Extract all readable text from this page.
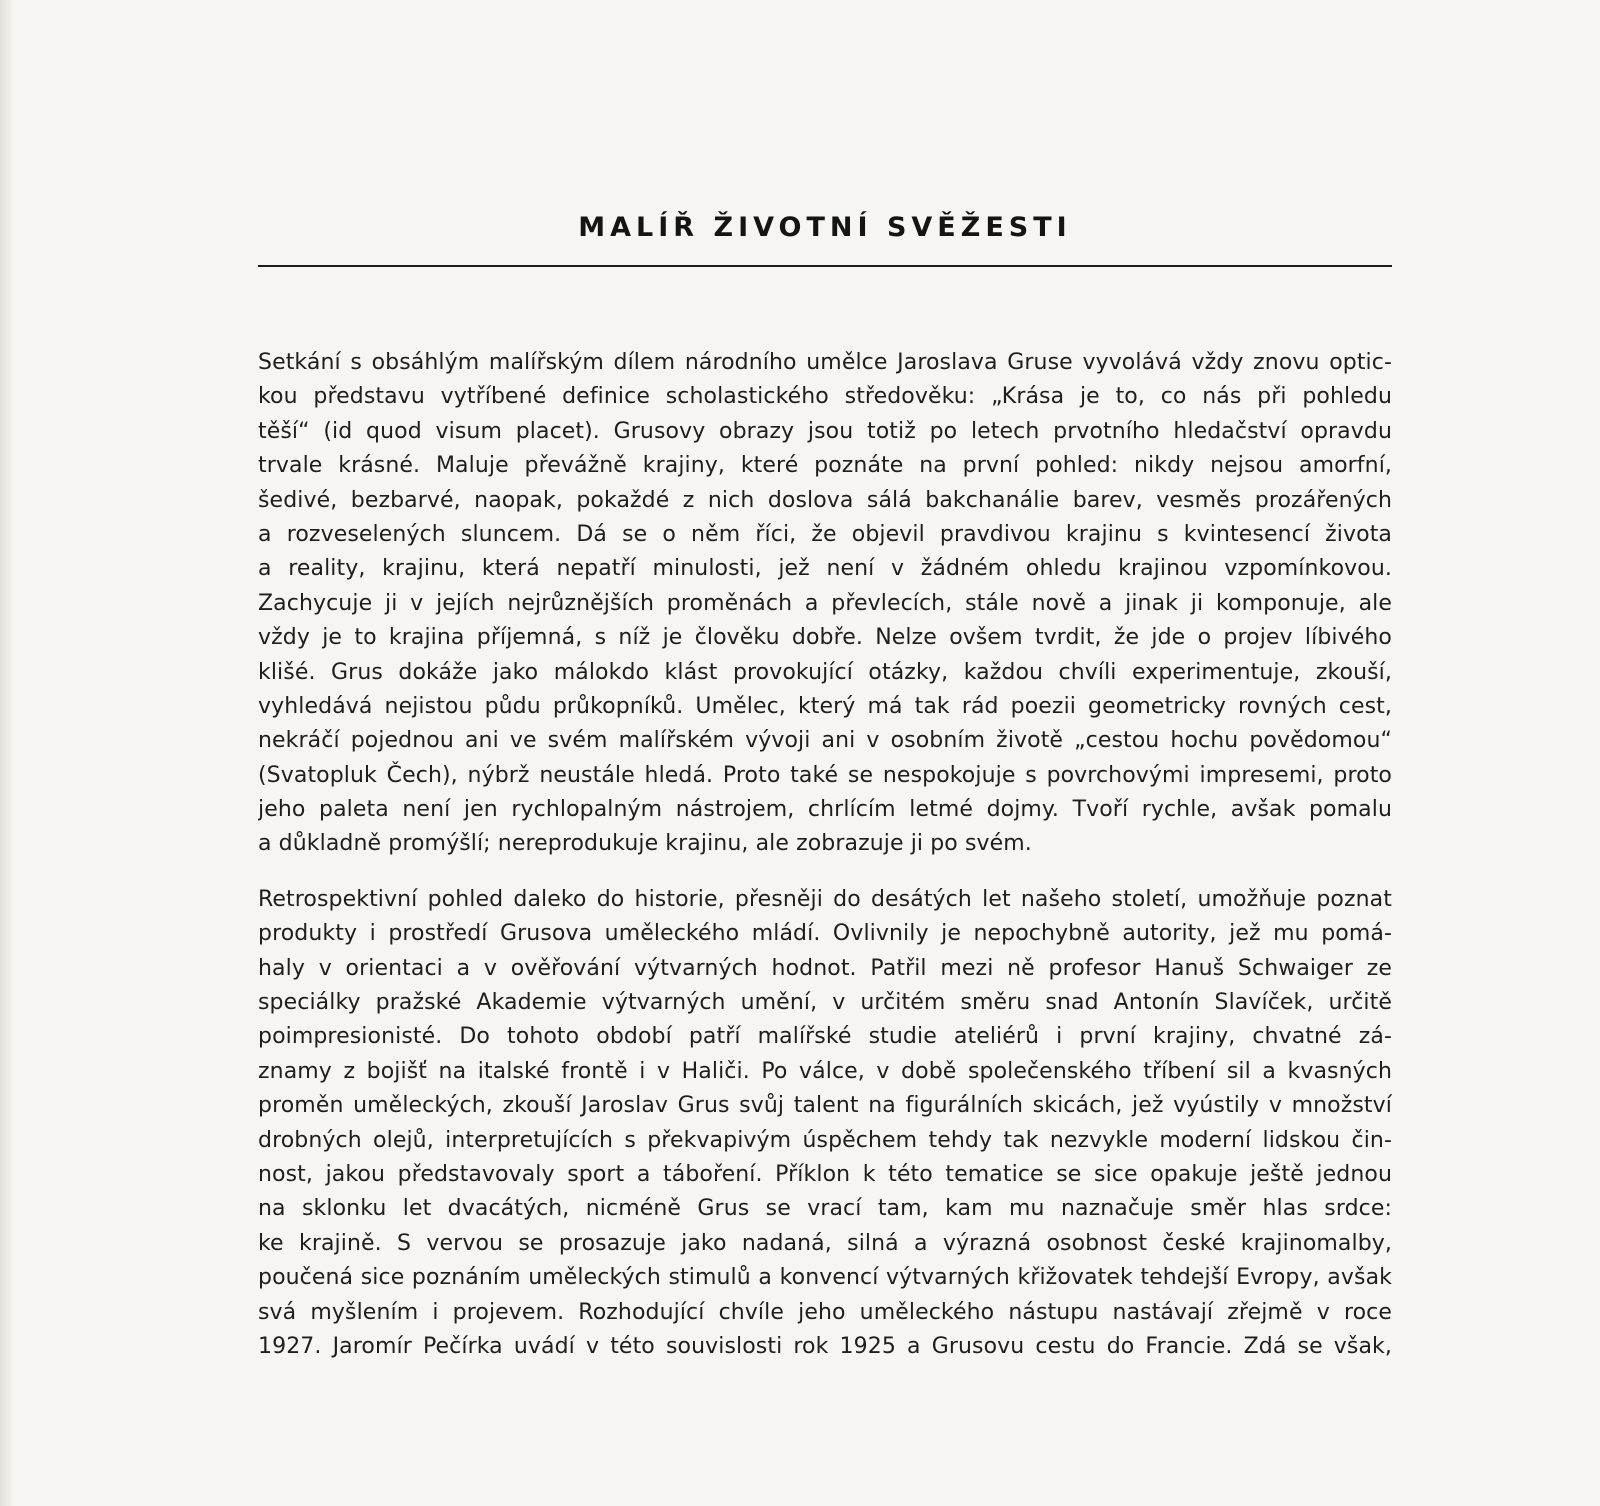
MALÍŘ ŽIVOTNÍ SVĚŽESTI

Setkání s obsáhlým malířským dílem národního umělce Jaroslava Gruse vyvolává vždy znovu optic-
kou představu vytříbené definice scholastického středověku: „Krása je to, co nás při pohledu
těší“ (id quod visum placet). Grusovy obrazy jsou totiž po letech prvotního hledačství opravdu
trvale krásné. Maluje převážně krajiny, které poznáte na první pohled: nikdy nejsou amorfní,
šedivé, bezbarvé, naopak, pokaždé z nich doslova sálá bakchanálie barev, vesměs prozářených
a rozveselených sluncem. Dá se o něm říci, že objevil pravdivou krajinu s kvintesencí života
a reality, krajinu, která nepatří minulosti, jež není v žádném ohledu krajinou vzpomínkovou.
Zachycuje ji v jejích nejrůznějších proměnách a převlecích, stále nově a jinak ji komponuje, ale
vždy je to krajina příjemná, s níž je člověku dobře. Nelze ovšem tvrdit, že jde o projev líbivého
klišé. Grus dokáže jako málokdo klást provokující otázky, každou chvíli experimentuje, zkouší,
vyhledává nejistou půdu průkopníků. Umělec, který má tak rád poezii geometricky rovných cest,
nekráčí pojednou ani ve svém malířském vývoji ani v osobním životě „cestou hochu povědomou“
(Svatopluk Čech), nýbrž neustále hledá. Proto také se nespokojuje s povrchovými impresemi, proto
jeho paleta není jen rychlopalným nástrojem, chrlícím letmé dojmy. Tvoří rychle, avšak pomalu
a důkladně promýšlí; nereprodukuje krajinu, ale zobrazuje ji po svém.

Retrospektivní pohled daleko do historie, přesněji do desátých let našeho století, umožňuje poznat
produkty i prostředí Grusova uměleckého mládí. Ovlivnily je nepochybně autority, jež mu pomá-
haly v orientaci a v ověřování výtvarných hodnot. Patřil mezi ně profesor Hanuš Schwaiger ze
speciálky pražské Akademie výtvarných umění, v určitém směru snad Antonín Slavíček, určitě
poimpresionisté. Do tohoto období patří malířské studie ateliérů i první krajiny, chvatné zá-
znamy z bojišť na italské frontě i v Haliči. Po válce, v době společenského tříbení sil a kvasných
proměn uměleckých, zkouší Jaroslav Grus svůj talent na figurálních skicách, jež vyústily v množství
drobných olejů, interpretujících s překvapivým úspěchem tehdy tak nezvykle moderní lidskou čin-
nost, jakou představovaly sport a táboření. Příklon k této tematice se sice opakuje ještě jednou
na sklonku let dvacátých, nicméně Grus se vrací tam, kam mu naznačuje směr hlas srdce:
ke krajině. S vervou se prosazuje jako nadaná, silná a výrazná osobnost české krajinomalby,
poučená sice poznáním uměleckých stimulů a konvencí výtvarných křižovatek tehdejší Evropy, avšak
svá myšlením i projevem. Rozhodující chvíle jeho uměleckého nástupu nastávají zřejmě v roce
1927. Jaromír Pečírka uvádí v této souvislosti rok 1925 a Grusovu cestu do Francie. Zdá se však,
